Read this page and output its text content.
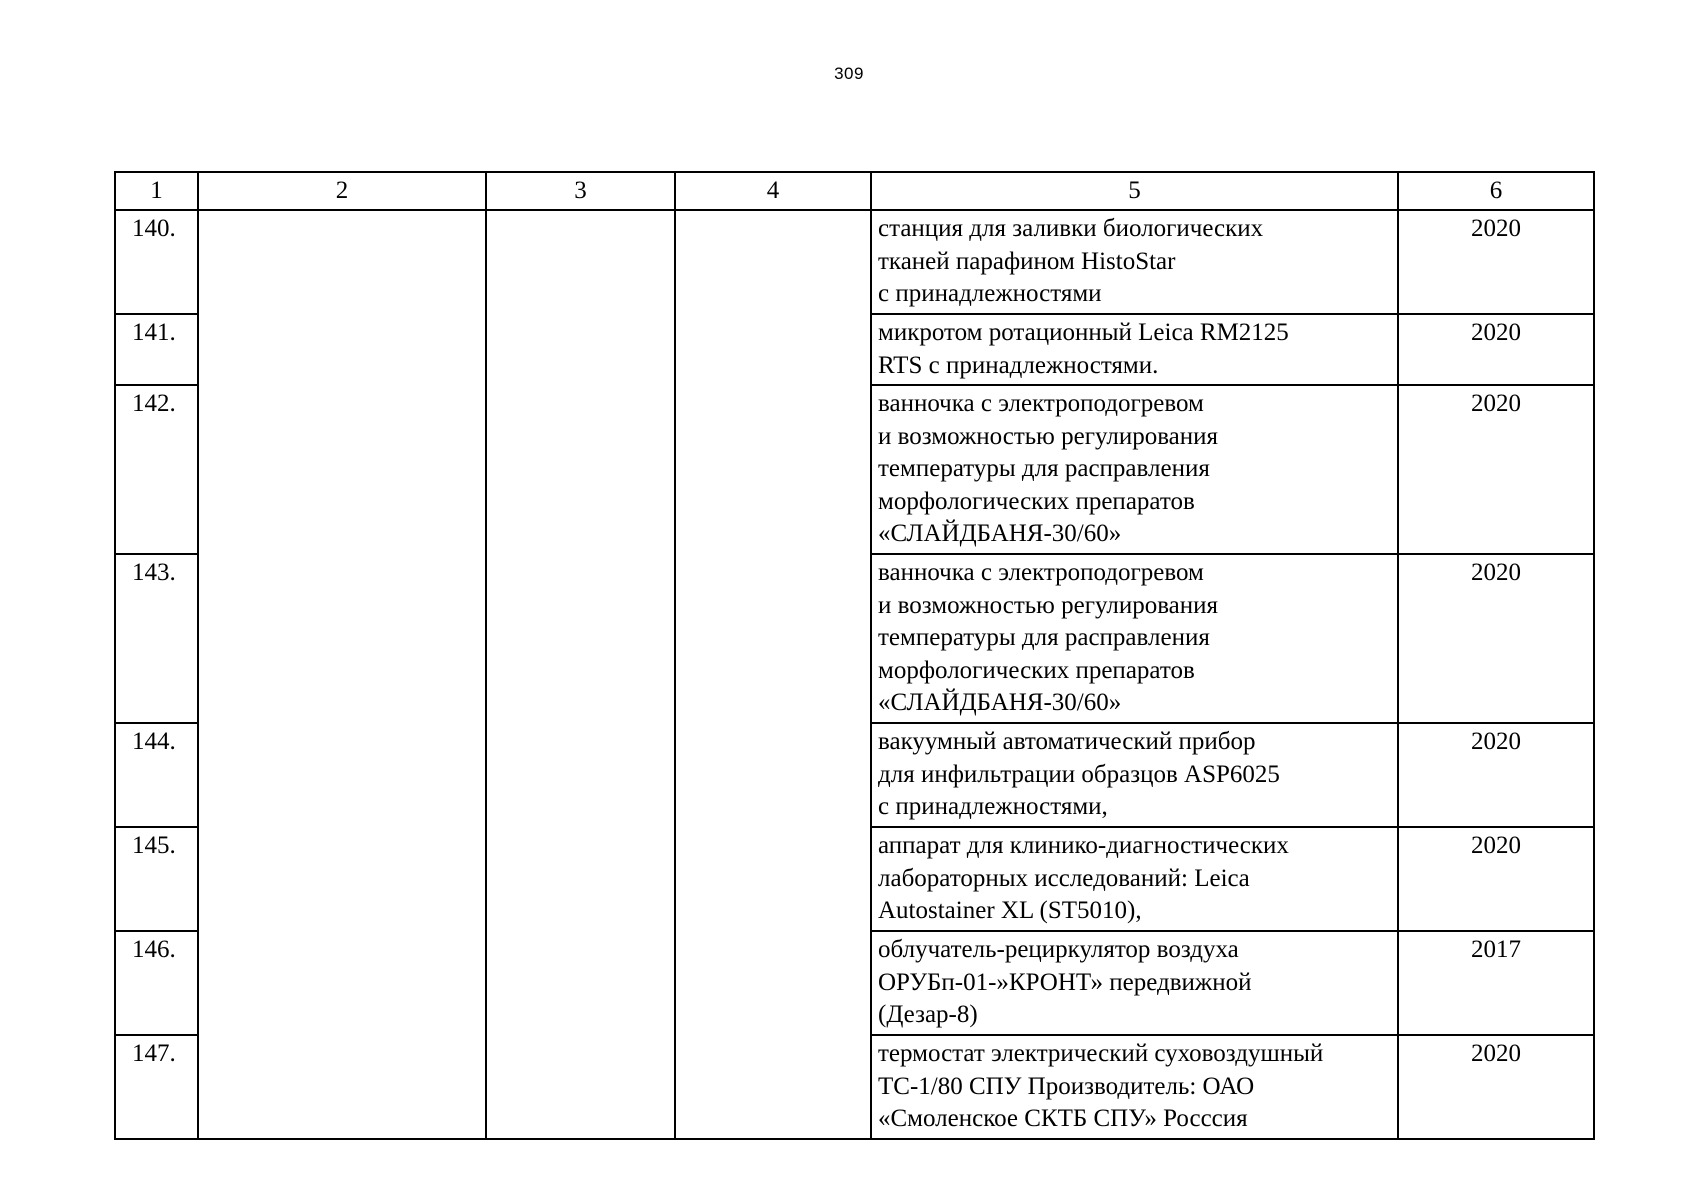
309
1	2	3	4	5	6
140.				станция для заливки биологических
тканей парафином HistoStar
с принадлежностями	2020
141.				микротом ротационный Leica RM2125
RTS с принадлежностями.	2020
142.				ванночка с электроподогревом
и возможностью регулирования
температуры для расправления
морфологических препаратов
«СЛАЙДБАНЯ-30/60»	2020
143.				ванночка с электроподогревом
и возможностью регулирования
температуры для расправления
морфологических препаратов
«СЛАЙДБАНЯ-30/60»	2020
144.				вакуумный автоматический прибор
для инфильтрации образцов ASP6025
с принадлежностями,	2020
145.				аппарат для клинико-диагностических
лабораторных исследований: Leica
Autostainer XL (ST5010),	2020
146.				облучатель-рециркулятор воздуха
ОРУБп-01-»КРОНТ» передвижной
(Дезар-8)	2017
147.				термостат электрический суховоздушный
ТС-1/80 СПУ Производитель: ОАО
«Смоленское СКТБ СПУ» Росссия	2020
